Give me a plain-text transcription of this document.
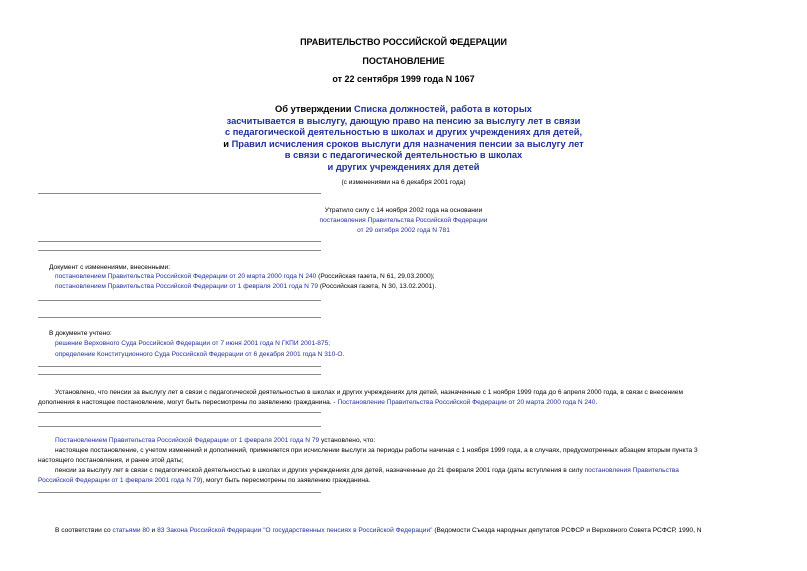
ПРАВИТЕЛЬСТВО РОССИЙСКОЙ ФЕДЕРАЦИИ
ПОСТАНОВЛЕНИЕ
от 22 сентября 1999 года N 1067
Об утверждении Списка должностей, работа в которых
засчитывается в выслугу, дающую право на пенсию за выслугу лет в связи
с педагогической деятельностью в школах и других учреждениях для детей,
и Правил исчисления сроков выслуги для назначения пенсии за выслугу лет
в связи с педагогической деятельностью в школах
и других учреждениях для детей
(с изменениями на 6 декабря 2001 года)
Утратило силу с 14 ноября 2002 года на основании
постановления Правительства Российской Федерации
от 29 октября 2002 года N 781
Документ с изменениями, внесенными:
постановлением Правительства Российской Федерации от 20 марта 2000 года N 240 (Российская газета, N 61, 29.03.2000);
постановлением Правительства Российской Федерации от 1 февраля 2001 года N 79 (Российская газета, N 30, 13.02.2001).
В документе учтено:
решение Верховного Суда Российской Федерации от 7 июня 2001 года N ГКПИ 2001-875;
определение Конституционного Суда Российской Федерации от 6 декабря 2001 года N 310-О.
Установлено, что пенсии за выслугу лет в связи с педагогической деятельностью в школах и других учреждениях для детей, назначенные с 1 ноября 1999 года до 6 апреля 2000 года, в связи с внесением
дополнения в настоящее постановление, могут быть пересмотрены по заявлению гражданина. - Постановление Правительства Российской Федерации от 20 марта 2000 года N 240.
Постановлением Правительства Российской Федерации от 1 февраля 2001 года N 79 установлено, что:
настоящее постановление, с учетом изменений и дополнений, применяется при исчислении выслуги за периоды работы начиная с 1 ноября 1999 года, а в случаях, предусмотренных абзацем вторым пункта 3
настоящего постановления, и ранее этой даты;
пенсии за выслугу лет в связи с педагогической деятельностью в школах и других учреждениях для детей, назначенные до 21 февраля 2001 года (даты вступления в силу постановления Правительства
Российской Федерации от 1 февраля 2001 года N 79), могут быть пересмотрены по заявлению гражданина.
В соответствии со статьями 80 и 83 Закона Российской Федерации "О государственных пенсиях в Российской Федерации" (Ведомости Съезда народных депутатов РСФСР и Верховного Совета РСФСР, 1990, N
